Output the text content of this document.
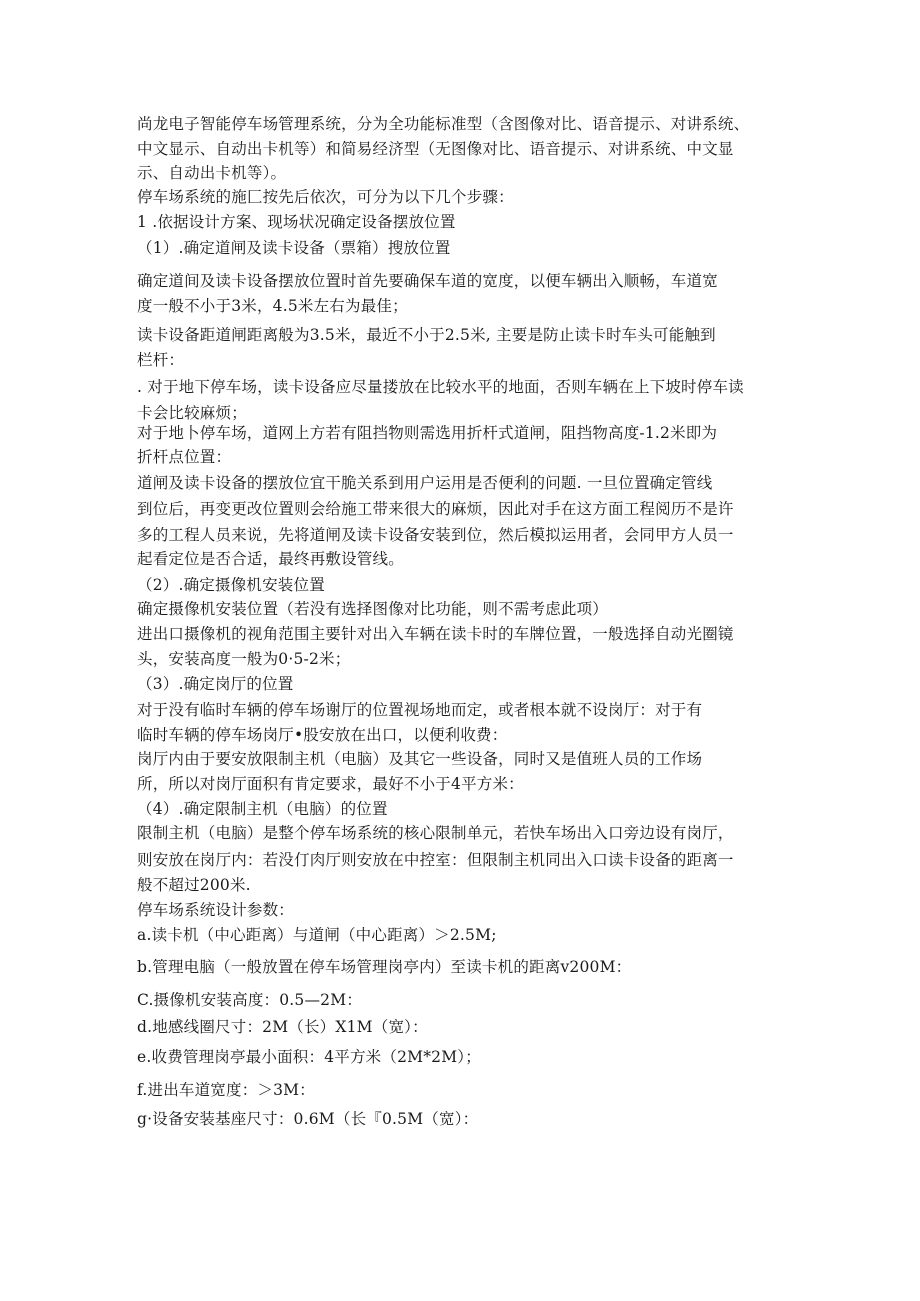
尚龙电子智能停车场管理系统，分为全功能标准型（含图像对比、语音提示、对讲系统、
中文显示、自动出卡机等）和简易经济型（无图像对比、语音提示、对讲系统、中文显
示、自动出卡机等）。
停车场系统的施匚按先后依次，可分为以下几个步骤：
1 .依据设计方案、现场状况确定设备摆放位置
（1）.确定道闸及读卡设备（票箱）搜放位置
确定道间及读卡设备摆放位置时首先要确保车道的宽度，以便车辆出入顺畅，车道宽
度一般不小于3米，4.5米左右为最佳；
读卡设备距道闸距离般为3.5米，最近不小于2.5米, 主要是防止读卡时车头可能触到
栏杆：
. 对于地下停车场，读卡设备应尽量搂放在比较水平的地面，否则车辆在上下坡时停车读
卡会比较麻烦；
对于地卜停车场，道网上方若有阻挡物则需选用折杆式道闸，阻挡物高度-1.2米即为
折杆点位置：
道闸及读卡设备的摆放位宜干脆关系到用户运用是否便利的问题. 一旦位置确定管线
到位后，再变更改位置则会给施工带来很大的麻烦，因此对手在这方面工程阅历不是许
多的工程人员来说，先将道闸及读卡设备安装到位，然后模拟运用者，会同甲方人员一
起看定位是否合适，最终再敷设管线。
（2）.确定摄像机安装位置
确定摄像机安装位置（若没有选择图像对比功能，则不需考虑此项）
进出口摄像机的视角范围主要针对出入车辆在读卡时的车牌位置，一般选择自动光圈镜
头，安装高度一般为0·5-2米；
（3）.确定岗厅的位置
对于没有临时车辆的停车场谢厅的位置视场地而定，或者根本就不设岗厅：对于有
临时车辆的停车场岗厅•股安放在出口，以便利收费：
岗厅内由于要安放限制主机（电脑）及其它一些设备，同时又是值班人员的工作场
所，所以对岗厅面积有肯定要求，最好不小于4平方米：
（4）.确定限制主机（电脑）的位置
限制主机（电脑）是整个停车场系统的核心限制单元，若快车场出入口旁边设有岗厅，
则安放在岗厅内：若没仃肉厅则安放在中控室：但限制主机同出入口读卡设备的距离一
般不超过200米.
停车场系统设计参数：
a.读卡机（中心距离）与道闸（中心距离）＞2.5M;
b.管理电脑（一般放置在停车场管理岗亭内）至读卡机的距离v200M：
C.摄像机安装高度：0.5—2M：
d.地感线圈尺寸：2M（长）X1M（宽）：
e.收费管理岗亭最小面积：4平方米（2M*2M）；
f.进出车道宽度：＞3M：
g·设备安装基座尺寸：0.6M（长『0.5M（宽）：
